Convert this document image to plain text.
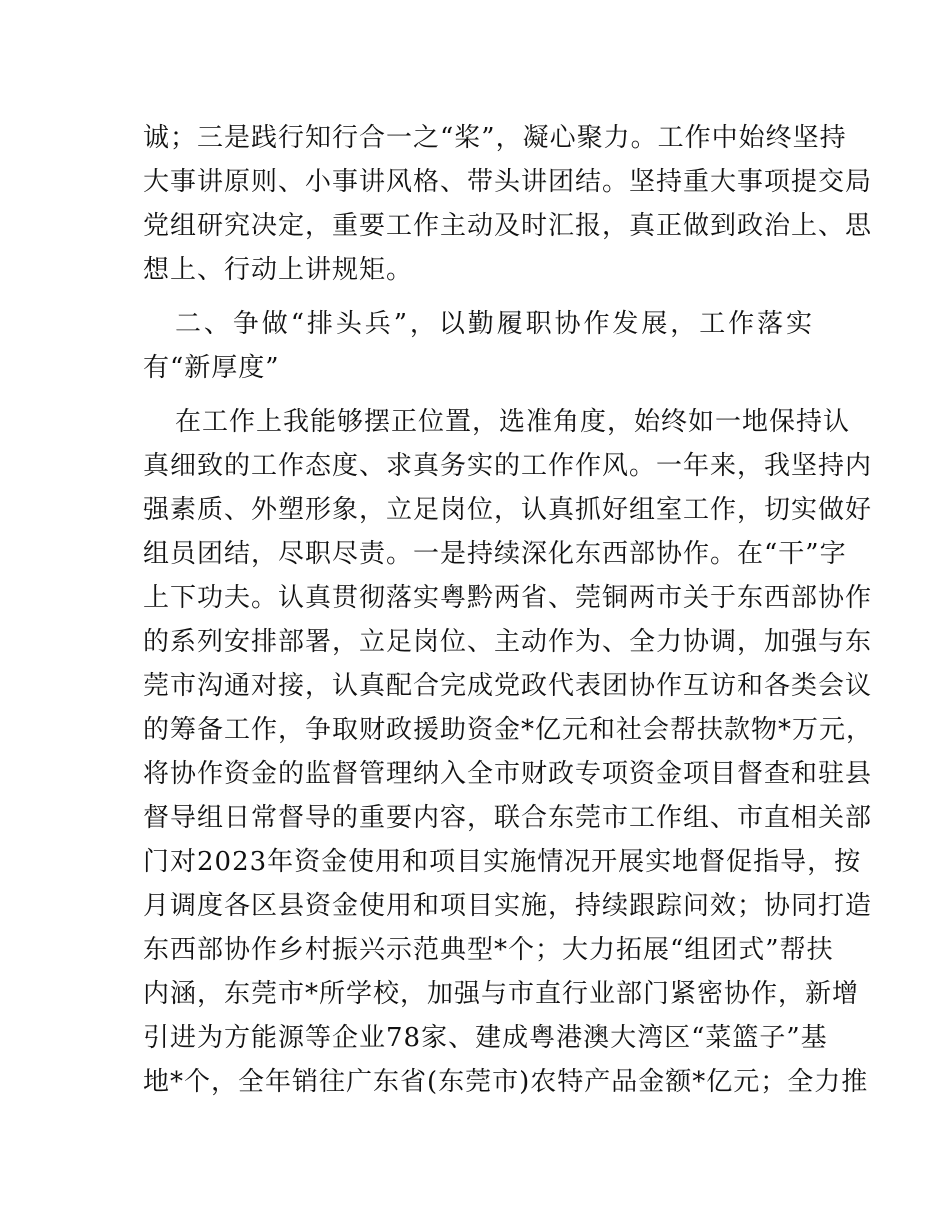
诚；三是践行知行合一之“桨”，凝心聚力。工作中始终坚持
大事讲原则、小事讲风格、带头讲团结。坚持重大事项提交局
党组研究决定，重要工作主动及时汇报，真正做到政治上、思
想上、行动上讲规矩。
二、争做“排头兵”，以勤履职协作发展，工作落实
有“新厚度”
在工作上我能够摆正位置，选准角度，始终如一地保持认
真细致的工作态度、求真务实的工作作风。一年来，我坚持内
强素质、外塑形象，立足岗位，认真抓好组室工作，切实做好
组员团结，尽职尽责。一是持续深化东西部协作。在“干”字
上下功夫。认真贯彻落实粤黔两省、莞铜两市关于东西部协作
的系列安排部署，立足岗位、主动作为、全力协调，加强与东
莞市沟通对接，认真配合完成党政代表团协作互访和各类会议
的筹备工作，争取财政援助资金*亿元和社会帮扶款物*万元，
将协作资金的监督管理纳入全市财政专项资金项目督查和驻县
督导组日常督导的重要内容，联合东莞市工作组、市直相关部
门对2023年资金使用和项目实施情况开展实地督促指导，按
月调度各区县资金使用和项目实施，持续跟踪问效；协同打造
东西部协作乡村振兴示范典型*个；大力拓展“组团式”帮扶
内涵，东莞市*所学校，加强与市直行业部门紧密协作，新增
引进为方能源等企业78家、建成粤港澳大湾区“菜篮子”基
地*个，全年销往广东省(东莞市)农特产品金额*亿元；全力推
